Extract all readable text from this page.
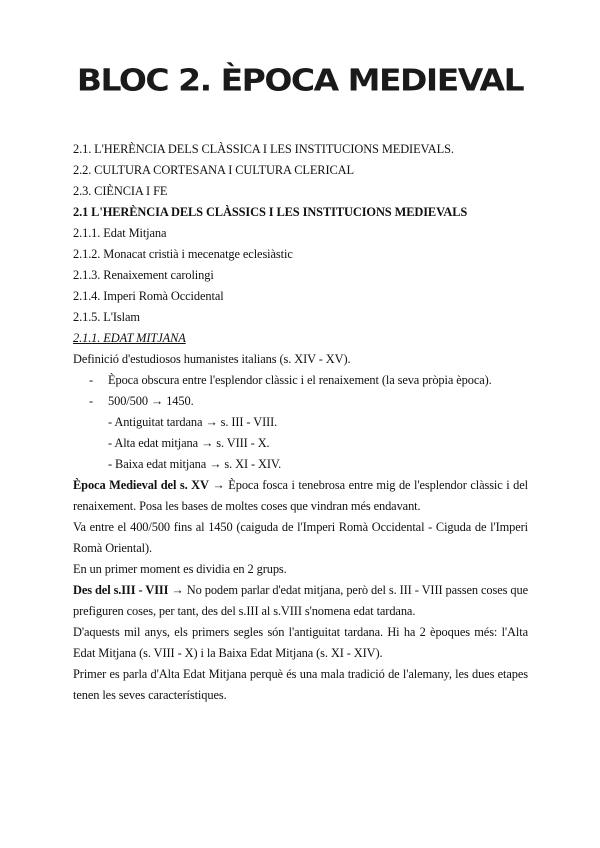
BLOC 2. ÈPOCA MEDIEVAL
2.1. L'HERÈNCIA DELS CLÀSSICA I LES INSTITUCIONS MEDIEVALS.
2.2. CULTURA CORTESANA I CULTURA CLERICAL
2.3. CIÈNCIA I FE
2.1 L'HERÈNCIA DELS CLÀSSICS I LES INSTITUCIONS MEDIEVALS
2.1.1. Edat Mitjana
2.1.2. Monacat cristià i mecenatge eclesiàstic
2.1.3. Renaixement carolingi
2.1.4. Imperi Romà Occidental
2.1.5. L'Islam
2.1.1. EDAT MITJANA
Definició d'estudiosos humanistes italians (s. XIV - XV).
- Època obscura entre l'esplendor clàssic i el renaixement (la seva pròpia època).
- 500/500 → 1450.
- Antiguitat tardana → s. III - VIII.
- Alta edat mitjana → s. VIII - X.
- Baixa edat mitjana → s. XI - XIV.
Època Medieval del s. XV → Època fosca i tenebrosa entre mig de l'esplendor clàssic i del renaixement. Posa les bases de moltes coses que vindran més endavant.
Va entre el 400/500 fins al 1450 (caiguda de l'Imperi Romà Occidental - Ciguda de l'Imperi Romà Oriental).
En un primer moment es dividia en 2 grups.
Des del s.III - VIII → No podem parlar d'edat mitjana, però del s. III - VIII passen coses que prefiguren coses, per tant, des del s.III al s.VIII s'nomena edat tardana.
D'aquests mil anys, els primers segles són l'antiguitat tardana. Hi ha 2 èpoques més: l'Alta Edat Mitjana (s. VIII - X) i la Baixa Edat Mitjana (s. XI - XIV).
Primer es parla d'Alta Edat Mitjana perquè és una mala tradició de l'alemany, les dues etapes tenen les seves característiques.
